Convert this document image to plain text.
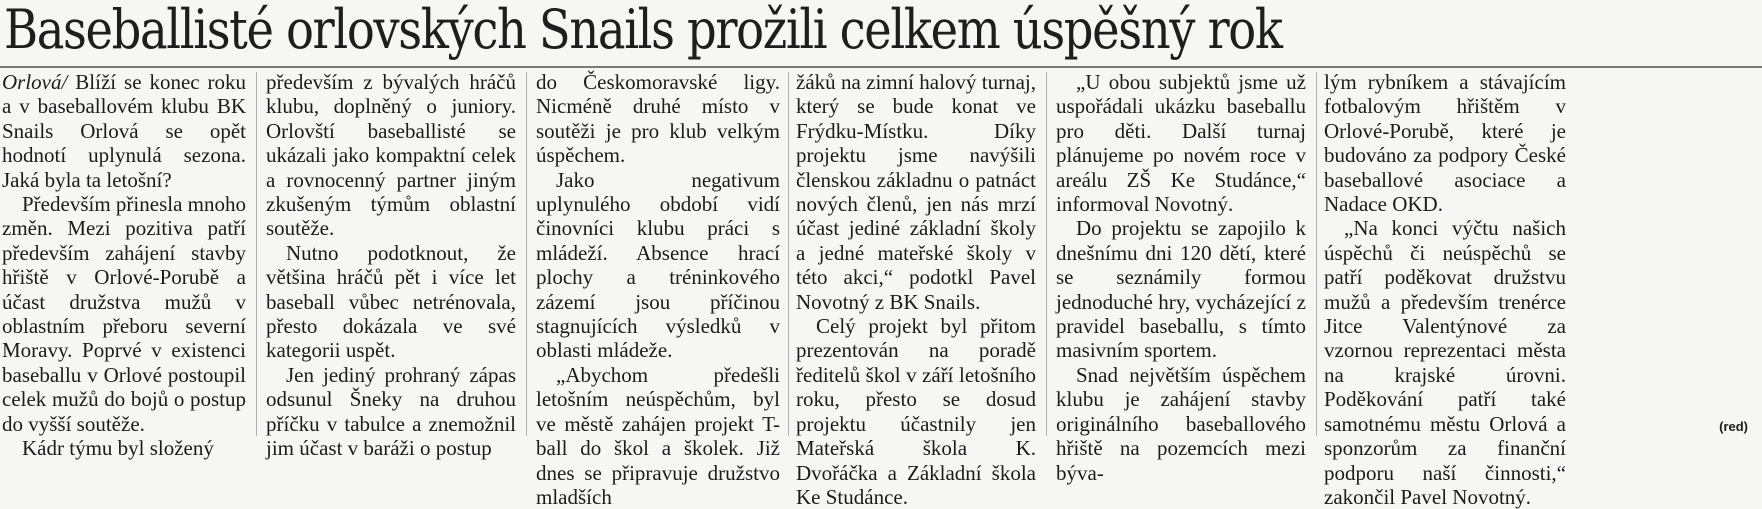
Baseballisté orlovských Snails prožili celkem úspěšný rok

Orlová/ Blíží se konec roku a v baseballovém klubu BK Snails Orlová se opět hodnotí uplynulá sezona. Jaká byla ta letošní?

Především přinesla mnoho změn. Mezi pozitiva patří především zahájení stavby hřiště v Orlové-Porubě a účast družstva mužů v oblastním přeboru severní Moravy. Poprvé v existenci baseballu v Orlové postoupil celek mužů do bojů o postup do vyšší soutěže.

Kádr týmu byl složený

především z bývalých hráčů klubu, doplněný o juniory. Orlovští baseballisté se ukázali jako kompaktní celek a rovnocenný partner jiným zkušeným týmům oblastní soutěže.

Nutno podotknout, že většina hráčů pět i více let baseball vůbec netrénovala, přesto dokázala ve své kategorii uspět.

Jen jediný prohraný zápas odsunul Šneky na druhou příčku v tabulce a znemožnil jim účast v baráži o postup

do Českomoravské ligy. Nicméně druhé místo v soutěži je pro klub velkým úspěchem.

Jako negativum uplynulého období vidí činovníci klubu práci s mládeží. Absence hrací plochy a tréninkového zázemí jsou příčinou stagnujících výsledků v oblasti mládeže.

„Abychom předešli letošním neúspěchům, byl ve městě zahájen projekt T-ball do škol a školek. Již dnes se připravuje družstvo mladších

žáků na zimní halový turnaj, který se bude konat ve Frýdku-Místku. Díky projektu jsme navýšili členskou základnu o patnáct nových členů, jen nás mrzí účast jediné základní školy a jedné mateřské školy v této akci,“ podotkl Pavel Novotný z BK Snails.

Celý projekt byl přitom prezentován na poradě ředitelů škol v září letošního roku, přesto se dosud projektu účastnily jen Mateřská škola K. Dvořáčka a Základní škola Ke Studánce.

„U obou subjektů jsme už uspořádali ukázku baseballu pro děti. Další turnaj plánujeme po novém roce v areálu ZŠ Ke Studánce,“ informoval Novotný.

Do projektu se zapojilo k dnešnímu dni 120 dětí, které se seznámily formou jednoduché hry, vycházející z pravidel baseballu, s tímto masivním sportem.

Snad největším úspěchem klubu je zahájení stavby originálního baseballového hřiště na pozemcích mezi býva-

lým rybníkem a stávajícím fotbalovým hřištěm v Orlové-Porubě, které je budováno za podpory České baseballové asociace a Nadace OKD.

„Na konci výčtu našich úspěchů či neúspěchů se patří poděkovat družstvu mužů a především trenérce Jitce Valentýnové za vzornou reprezentaci města na krajské úrovni. Poděkování patří také samotnému městu Orlová a sponzorům za finanční podporu naší činnosti,“ zakončil Pavel Novotný.

(red)
